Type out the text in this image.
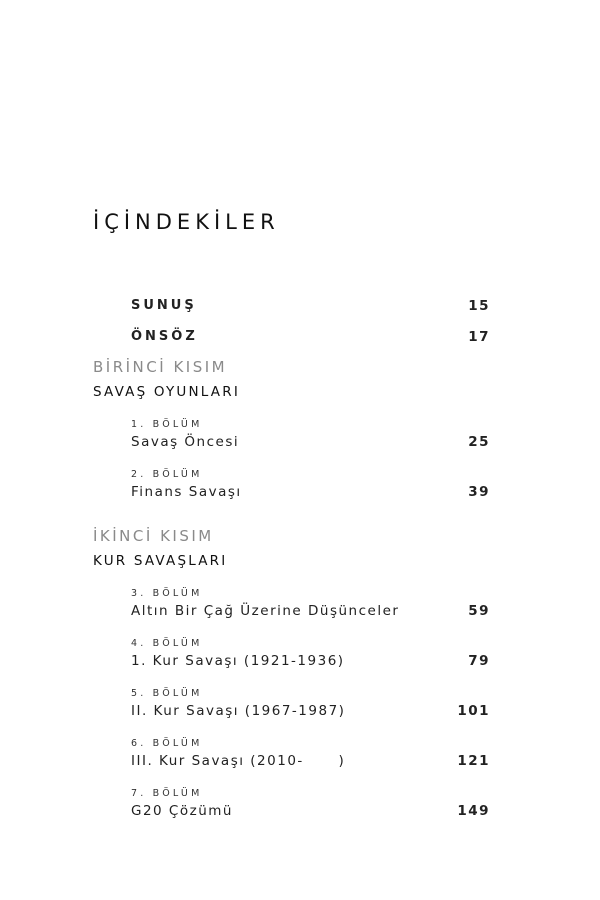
İÇİNDEKİLER
SUNUŞ	15
ÖNSÖZ	17
BİRİNCİ KISIM
SAVAŞ OYUNLARI
1. BÖLÜM
Savaş Öncesi	25
2. BÖLÜM
Finans Savaşı	39
İKİNCİ KISIM
KUR SAVAŞLARI
3. BÖLÜM
Altın Bir Çağ Üzerine Düşünceler	59
4. BÖLÜM
1. Kur Savaşı (1921-1936)	79
5. BÖLÜM
II. Kur Savaşı (1967-1987)	101
6. BÖLÜM
III. Kur Savaşı (2010-      )	121
7. BÖLÜM
G20 Çözümü	149
